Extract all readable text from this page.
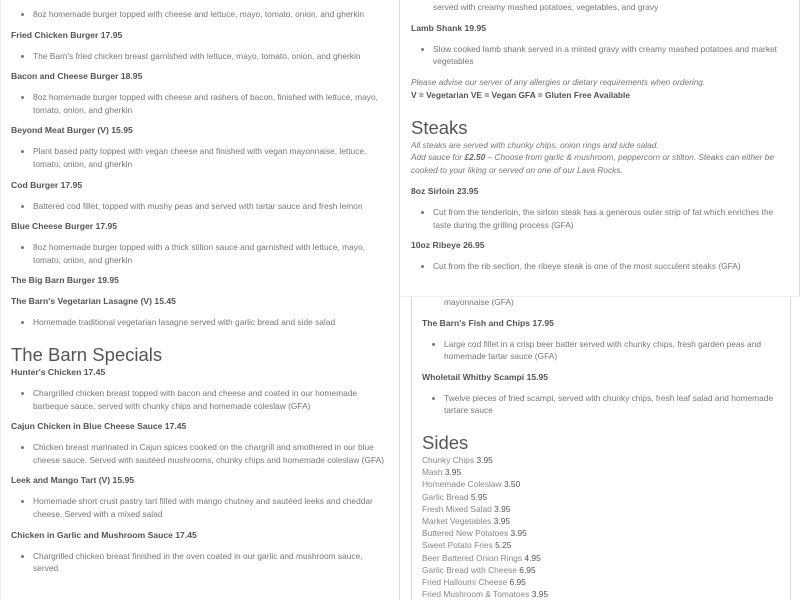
• 8oz homemade burger topped with cheese and lettuce, mayo, tomato, onion, and gherkin
Fried Chicken Burger 17.95
• The Barn's fried chicken breast garnished with lettuce, mayo, tomato, onion, and gherkin
Bacon and Cheese Burger 18.95
• 8oz homemade burger topped with cheese and rashers of bacon, finished with lettuce, mayo, tomato, onion, and gherkin
Beyond Meat Burger (V) 15.95
• Plant based patty topped with vegan cheese and finished with vegan mayonnaise, lettuce, tomato, onion, and gherkin
Cod Burger 17.95
• Battered cod fillet, topped with mushy peas and served with tartar sauce and fresh lemon
Blue Cheese Burger 17.95
• 8oz homemade burger topped with a thick stilton sauce and garnished with lettuce, mayo, tomato, onion, and gherkin
The Big Barn Burger 19.95
The Barn's Vegetarian Lasagne (V) 15.45
• Homemade traditional vegetarian lasagne served with garlic bread and side salad
The Barn Specials
Hunter's Chicken 17.45
• Chargrilled chicken breast topped with bacon and cheese and coated in our homemade barbeque sauce, served with chunky chips and homemade coleslaw (GFA)
Cajun Chicken in Blue Cheese Sauce 17.45
• Chicken breast marinated in Cajun spices cooked on the chargrill and smothered in our blue cheese sauce. Served with sautéed mushrooms, chunky chips and homemade coleslaw (GFA)
Leek and Mango Tart (V) 15.95
• Homemade short crust pastry tart filled with mango chutney and sautéed leeks and cheddar cheese. Served with a mixed salad
Chicken in Garlic and Mushroom Sauce 17.45
• Chargrilled chicken breast finished in the oven coated in our garlic and mushroom sauce, served
served with creamy mashed potatoes, vegetables, and gravy
Lamb Shank 19.95
• Slow cooked lamb shank served in a minted gravy with creamy mashed potatoes and market vegetables

Please advise our server of any allergies or dietary requirements when ordering.

V = Vegetarian VE = Vegan GFA = Gluten Free Available

Steaks

All steaks are served with chunky chips, onion rings and side salad.

Add sauce for £2.50 – Choose from garlic & mushroom, peppercorn or stilton. Steaks can either be cooked to your liking or served on one of our Lava Rocks.

8oz Sirloin 23.95
• Cut from the tenderloin, the sirloin steak has a generous outer strip of fat which enriches the taste during the grilling process (GFA)
10oz Ribeye 26.95
• Cut from the rib section, the ribeye steak is one of the most succulent steaks (GFA)
mayonnaise (GFA)
The Barn's Fish and Chips 17.95
• Large cod fillet in a crisp beer batter served with chunky chips, fresh garden peas and homemade tartar sauce (GFA)
Wholetail Whitby Scampi 15.95
• Twelve pieces of fried scampi, served with chunky chips, fresh leaf salad and homemade tartare sauce
Sides

Chunky Chips 3.95

Mash 3.95

Homemade Coleslaw 3.50

Garlic Bread 5.95

Fresh Mixed Salad 3.95

Market Vegetables 3.95

Buttered New Potatoes 3.95

Sweet Potato Fries 5.25

Beer Battered Onion Rings 4.95

Garlic Bread with Cheese 6.95

Fried Halloumi Cheese 6.95

Fried Mushroom & Tomatoes 3.95
